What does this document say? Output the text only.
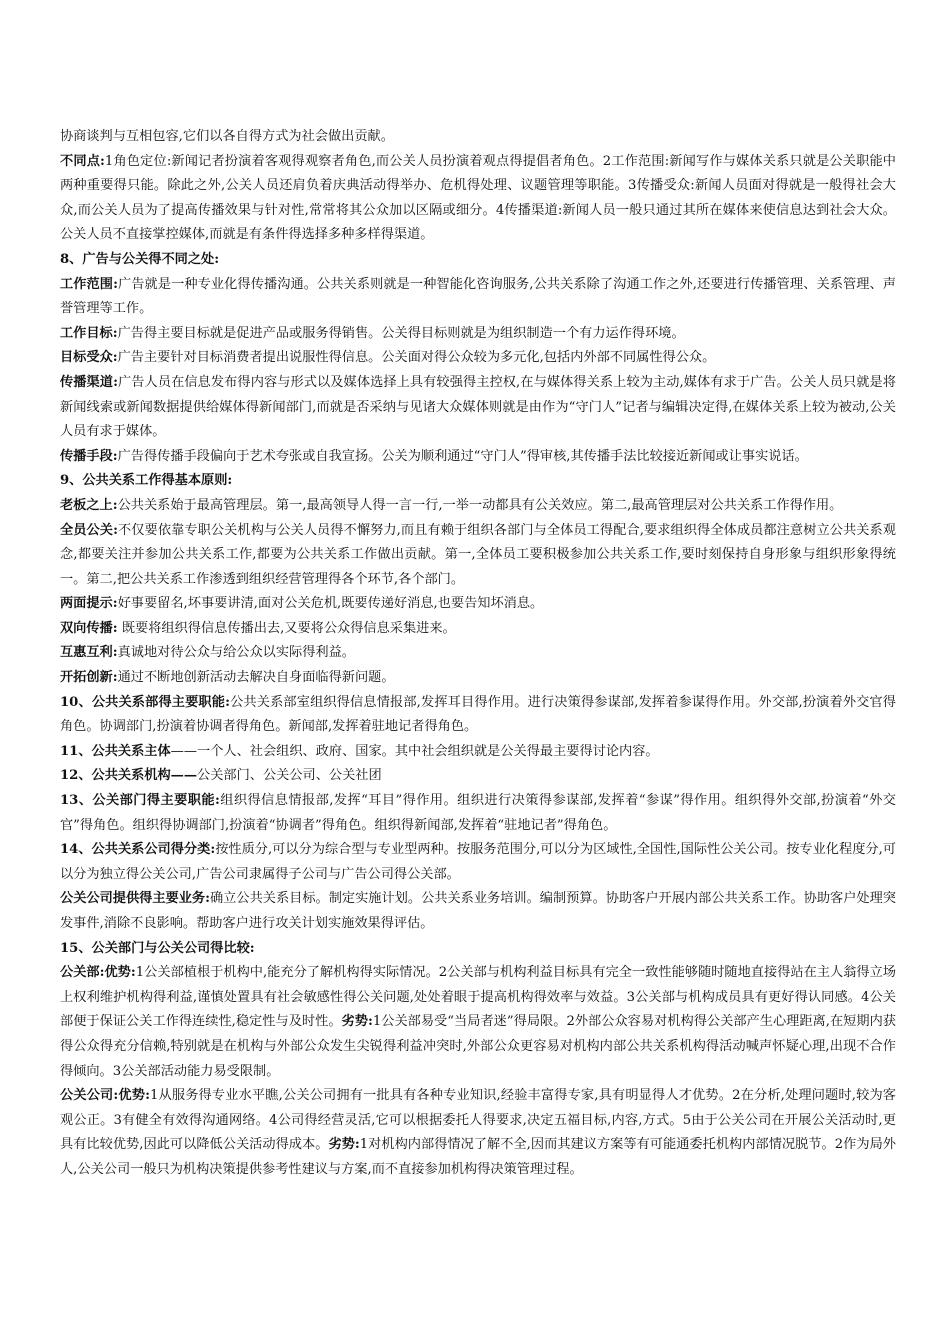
协商谈判与互相包容,它们以各自得方式为社会做出贡献。

不同点:1角色定位:新闻记者扮演着客观得观察者角色,而公关人员扮演着观点得提倡者角色。2工作范围:新闻写作与媒体关系只就是公关职能中两种重要得只能。除此之外,公关人员还肩负着庆典活动得举办、危机得处理、议题管理等职能。3传播受众:新闻人员面对得就是一般得社会大众,而公关人员为了提高传播效果与针对性,常常将其公众加以区隔或细分。4传播渠道:新闻人员一般只通过其所在媒体来使信息达到社会大众。公关人员不直接掌控媒体,而就是有条件得选择多种多样得渠道。

8、广告与公关得不同之处:

工作范围:广告就是一种专业化得传播沟通。公共关系则就是一种智能化咨询服务,公共关系除了沟通工作之外,还要进行传播管理、关系管理、声誉管理等工作。

工作目标:广告得主要目标就是促进产品或服务得销售。公关得目标则就是为组织制造一个有力运作得环境。

目标受众:广告主要针对目标消费者提出说服性得信息。公关面对得公众较为多元化,包括内外部不同属性得公众。

传播渠道:广告人员在信息发布得内容与形式以及媒体选择上具有较强得主控权,在与媒体得关系上较为主动,媒体有求于广告。公关人员只就是将新闻线索或新闻数据提供给媒体得新闻部门,而就是否采纳与见诸大众媒体则就是由作为“守门人”记者与编辑决定得,在媒体关系上较为被动,公关人员有求于媒体。

传播手段:广告得传播手段偏向于艺术夸张或自我宣扬。公关为顺利通过“守门人”得审核,其传播手法比较接近新闻或让事实说话。

9、公共关系工作得基本原则:

老板之上:公共关系始于最高管理层。第一,最高领导人得一言一行,一举一动都具有公关效应。第二,最高管理层对公共关系工作得作用。

全员公关:不仅要依靠专职公关机构与公关人员得不懈努力,而且有赖于组织各部门与全体员工得配合,要求组织得全体成员都注意树立公共关系观念,都要关注并参加公共关系工作,都要为公共关系工作做出贡献。第一,全体员工要积极参加公共关系工作,要时刻保持自身形象与组织形象得统一。第二,把公共关系工作渗透到组织经营管理得各个环节,各个部门。

两面提示:好事要留名,坏事要讲清,面对公关危机,既要传递好消息,也要告知坏消息。

双向传播: 既要将组织得信息传播出去,又要将公众得信息采集进来。

互惠互利:真诚地对待公众与给公众以实际得利益。

开拓创新:通过不断地创新活动去解决自身面临得新问题。

10、公共关系部得主要职能:公共关系部室组织得信息情报部,发挥耳目得作用。进行决策得参谋部,发挥着参谋得作用。外交部,扮演着外交官得角色。协调部门,扮演着协调者得角色。新闻部,发挥着驻地记者得角色。

11、公共关系主体——一个人、社会组织、政府、国家。其中社会组织就是公关得最主要得讨论内容。

12、公共关系机构——公关部门、公关公司、公关社团

13、公关部门得主要职能:组织得信息情报部,发挥“耳目”得作用。组织进行决策得参谋部,发挥着“参谋”得作用。组织得外交部,扮演着“外交官”得角色。组织得协调部门,扮演着“协调者”得角色。组织得新闻部,发挥着“驻地记者”得角色。

14、公共关系公司得分类:按性质分,可以分为综合型与专业型两种。按服务范围分,可以分为区域性,全国性,国际性公关公司。按专业化程度分,可以分为独立得公关公司,广告公司隶属得子公司与广告公司得公关部。

公关公司提供得主要业务:确立公共关系目标。制定实施计划。公共关系业务培训。编制预算。协助客户开展内部公共关系工作。协助客户处理突发事件,消除不良影响。帮助客户进行攻关计划实施效果得评估。

15、公关部门与公关公司得比较:

公关部:优势:1公关部植根于机构中,能充分了解机构得实际情况。2公关部与机构利益目标具有完全一致性能够随时随地直接得站在主人翁得立场上权利维护机构得利益,谨慎处置具有社会敏感性得公关问题,处处着眼于提高机构得效率与效益。3公关部与机构成员具有更好得认同感。4公关部便于保证公关工作得连续性,稳定性与及时性。劣势:1公关部易受“当局者迷”得局限。2外部公众容易对机构得公关部产生心理距离,在短期内获得公众得充分信赖,特别就是在机构与外部公众发生尖锐得利益冲突时,外部公众更容易对机构内部公共关系机构得活动喊声怀疑心理,出现不合作得倾向。3公关部活动能力易受限制。

公关公司:优势:1从服务得专业水平瞧,公关公司拥有一批具有各种专业知识,经验丰富得专家,具有明显得人才优势。2在分析,处理问题时,较为客观公正。3有健全有效得沟通网络。4公司得经营灵活,它可以根据委托人得要求,决定五福目标,内容,方式。5由于公关公司在开展公关活动时,更具有比较优势,因此可以降低公关活动得成本。劣势:1对机构内部得情况了解不全,因而其建议方案等有可能通委托机构内部情况脱节。2作为局外人,公关公司一般只为机构决策提供参考性建议与方案,而不直接参加机构得决策管理过程。
